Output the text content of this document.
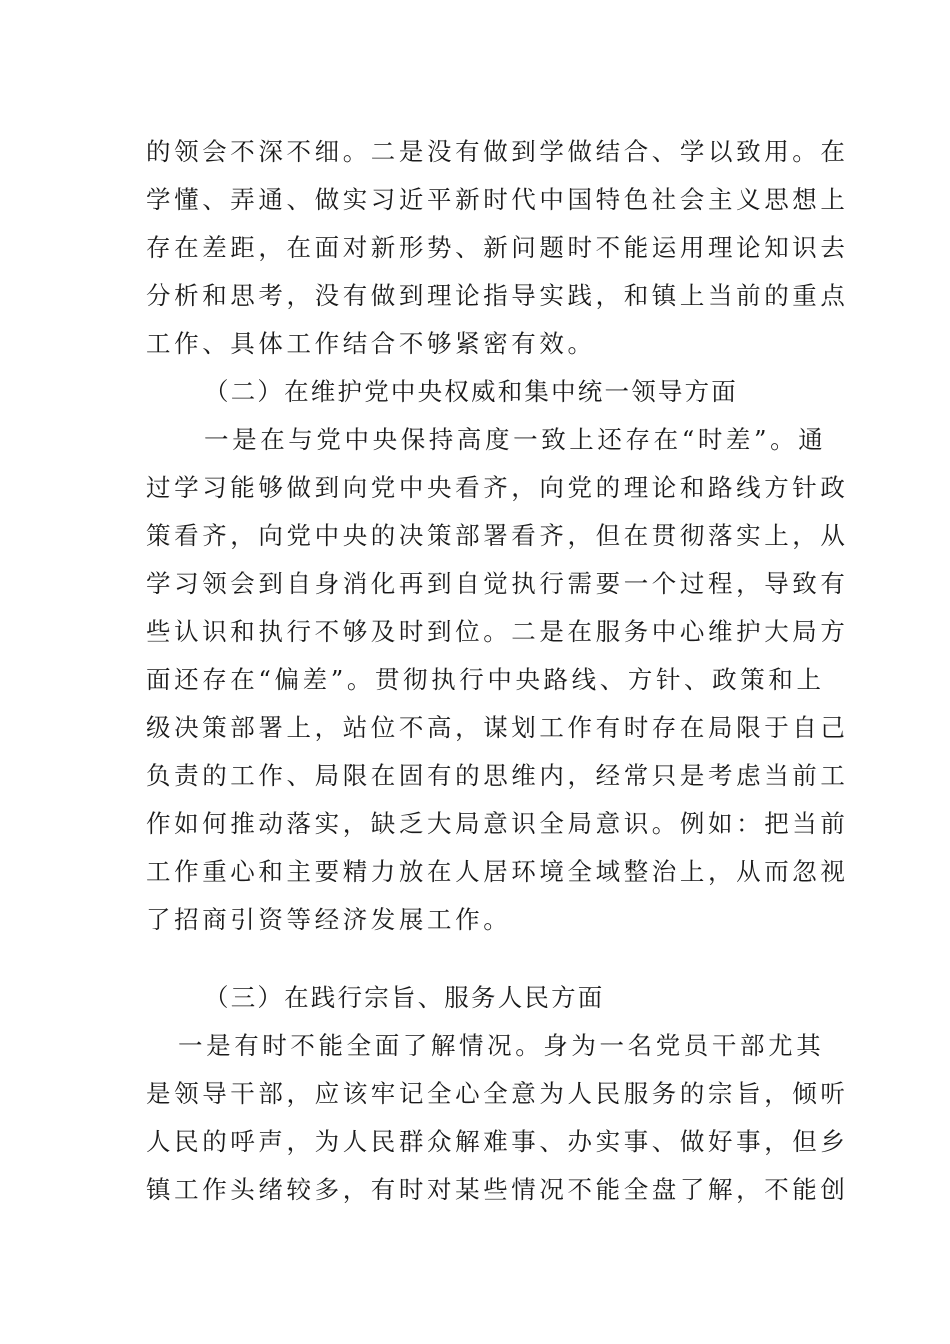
的领会不深不细。二是没有做到学做结合、学以致用。在
学懂、弄通、做实习近平新时代中国特色社会主义思想上
存在差距，在面对新形势、新问题时不能运用理论知识去
分析和思考，没有做到理论指导实践，和镇上当前的重点
工作、具体工作结合不够紧密有效。
（二）在维护党中央权威和集中统一领导方面
一是在与党中央保持高度一致上还存在“时差”。通
过学习能够做到向党中央看齐，向党的理论和路线方针政
策看齐，向党中央的决策部署看齐，但在贯彻落实上，从
学习领会到自身消化再到自觉执行需要一个过程，导致有
些认识和执行不够及时到位。二是在服务中心维护大局方
面还存在“偏差”。贯彻执行中央路线、方针、政策和上
级决策部署上，站位不高，谋划工作有时存在局限于自己
负责的工作、局限在固有的思维内，经常只是考虑当前工
作如何推动落实，缺乏大局意识全局意识。例如：把当前
工作重心和主要精力放在人居环境全域整治上，从而忽视
了招商引资等经济发展工作。
（三）在践行宗旨、服务人民方面
一是有时不能全面了解情况。身为一名党员干部尤其
是领导干部，应该牢记全心全意为人民服务的宗旨，倾听
人民的呼声，为人民群众解难事、办实事、做好事，但乡
镇工作头绪较多，有时对某些情况不能全盘了解，不能创
